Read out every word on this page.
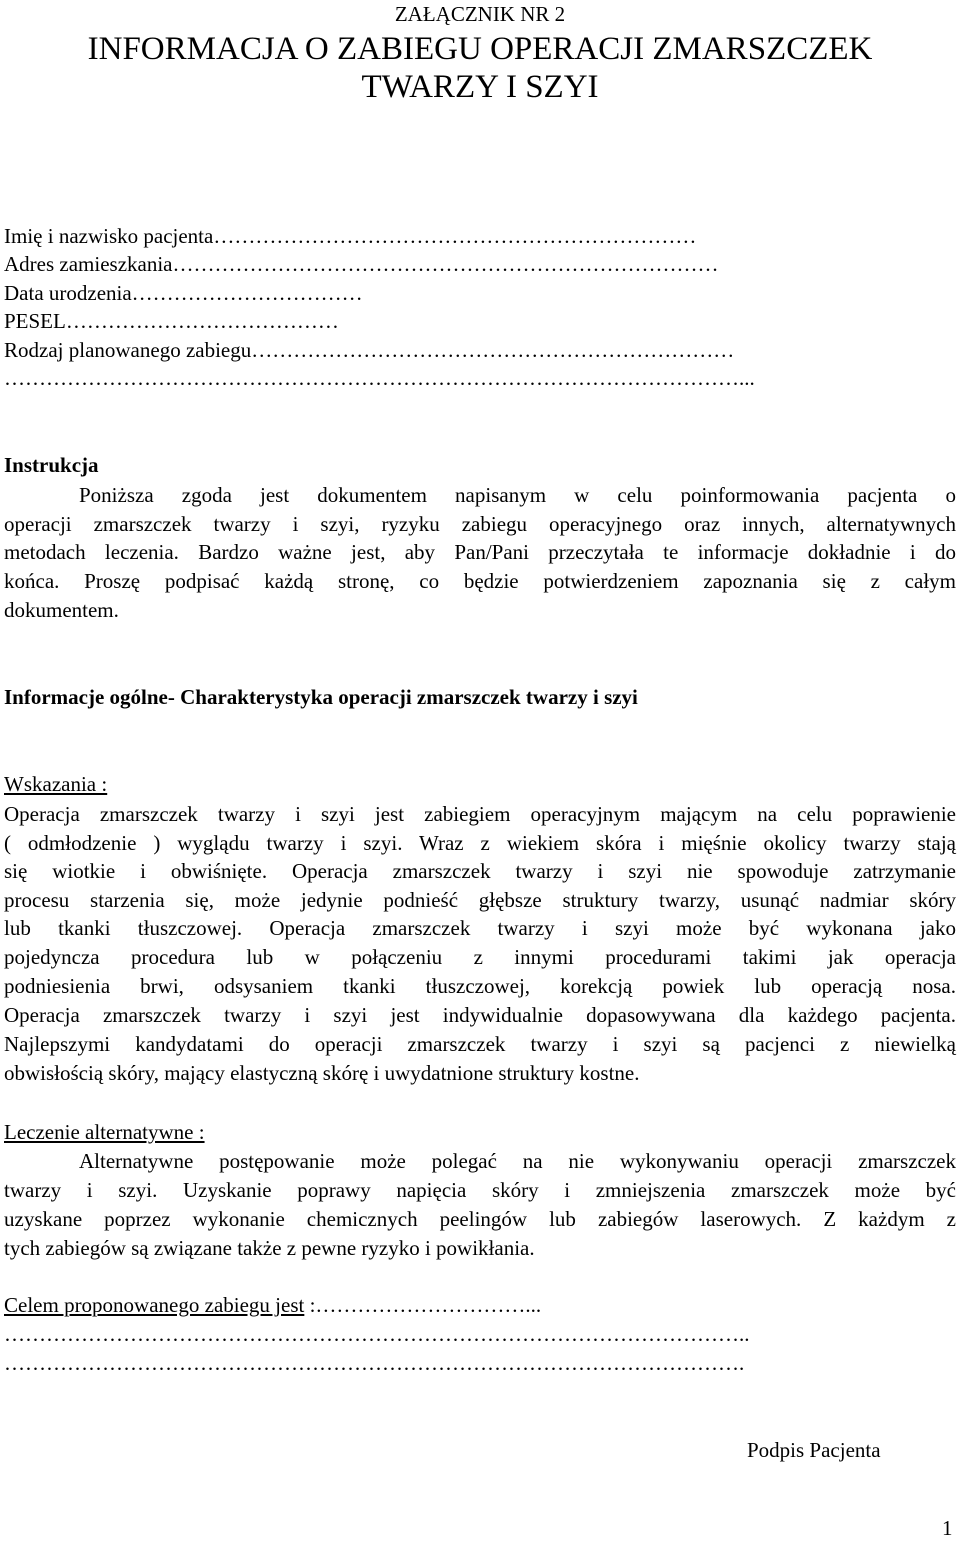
ZAŁĄCZNIK NR 2
INFORMACJA O ZABIEGU OPERACJI ZMARSZCZEK
TWARZY I SZYI
Imię i nazwisko pacjenta……………………………………………………………
Adres zamieszkania……………………………………………………………………
Data urodzenia……………………………
PESEL…………………………………
Rodzaj planowanego zabiegu……………………………………………………………
……………………………………………………………………………………………...
Instrukcja
Poniższa zgoda jest dokumentem napisanym w celu poinformowania pacjenta o
operacji zmarszczek twarzy i szyi, ryzyku zabiegu operacyjnego oraz innych, alternatywnych
metodach leczenia. Bardzo ważne jest, aby Pan/Pani przeczytała te informacje dokładnie i do
końca. Proszę podpisać każdą stronę, co będzie potwierdzeniem zapoznania się z całym
dokumentem.
Informacje ogólne- Charakterystyka operacji zmarszczek twarzy i szyi
Wskazania :
Operacja zmarszczek twarzy i szyi jest zabiegiem operacyjnym mającym na celu poprawienie
( odmłodzenie ) wyglądu twarzy i szyi. Wraz z wiekiem skóra i mięśnie okolicy twarzy stają
się wiotkie i obwiśnięte. Operacja zmarszczek twarzy i szyi nie spowoduje zatrzymanie
procesu starzenia się, może jedynie podnieść głębsze struktury twarzy, usunąć nadmiar skóry
lub tkanki tłuszczowej. Operacja zmarszczek twarzy i szyi może być wykonana jako
pojedyncza procedura lub w połączeniu z innymi procedurami takimi jak operacja
podniesienia brwi, odsysaniem tkanki tłuszczowej, korekcją powiek lub operacją nosa.
Operacja zmarszczek twarzy i szyi jest indywidualnie dopasowywana dla każdego pacjenta.
Najlepszymi kandydatami do operacji zmarszczek twarzy i szyi są pacjenci z niewielką
obwisłością skóry, mający elastyczną skórę i uwydatnione struktury kostne.
Leczenie alternatywne :
Alternatywne postępowanie może polegać na nie wykonywaniu operacji zmarszczek
twarzy i szyi. Uzyskanie poprawy napięcia skóry i zmniejszenia zmarszczek może być
uzyskane poprzez wykonanie chemicznych peelingów lub zabiegów laserowych. Z każdym z
tych zabiegów są związane także z pewne ryzyko i powikłania.
Celem proponowanego zabiegu jest :…………………………...
……………………………………………………………………………………………..
…………………………………………………………………………………………….
Podpis Pacjenta
1
